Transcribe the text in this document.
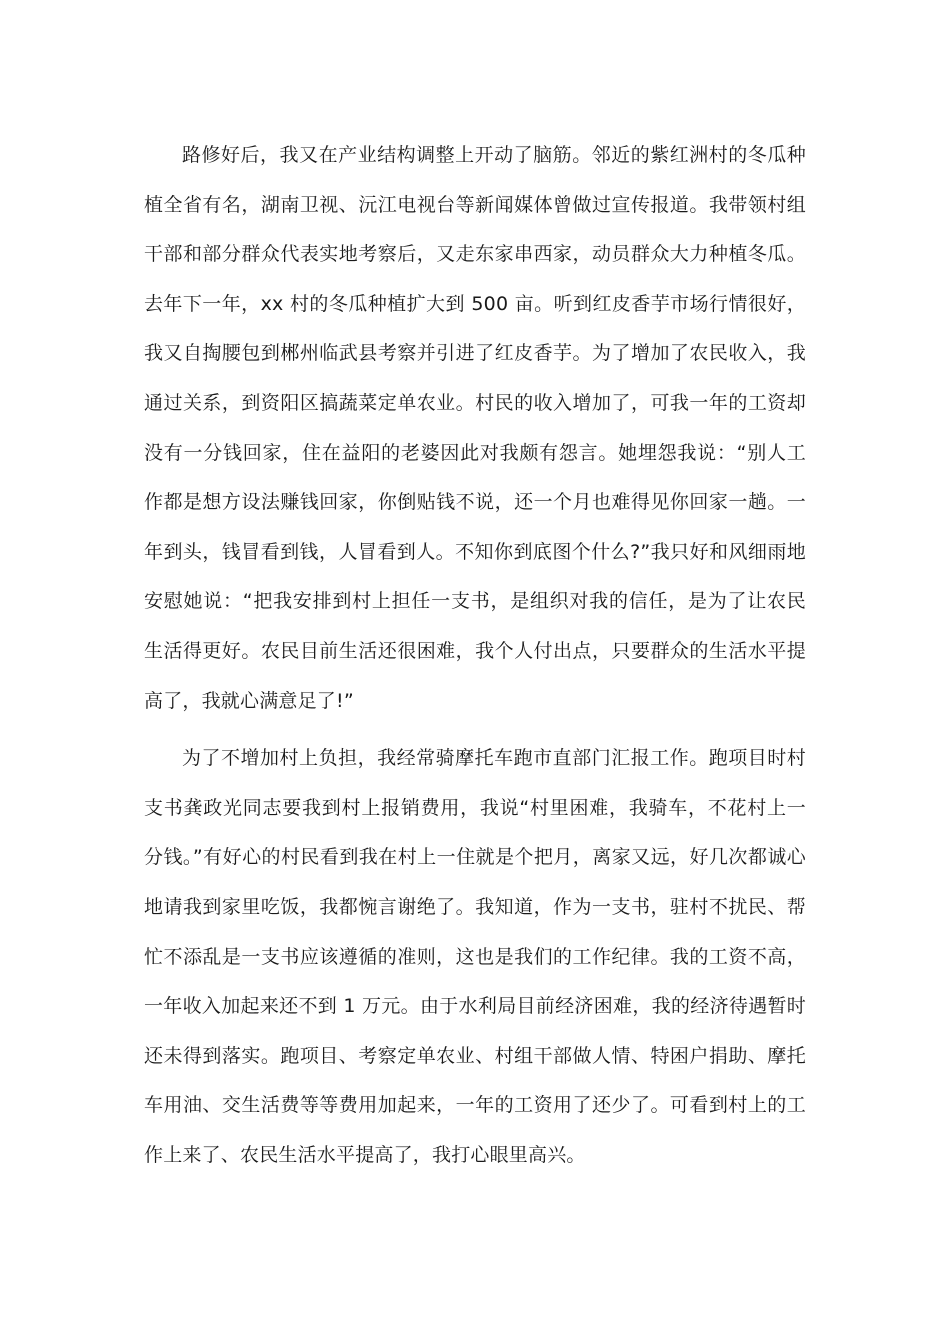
路修好后，我又在产业结构调整上开动了脑筋。邻近的紫红洲村的冬瓜种植全省有名，湖南卫视、沅江电视台等新闻媒体曾做过宣传报道。我带领村组干部和部分群众代表实地考察后，又走东家串西家，动员群众大力种植冬瓜。去年下一年，xx 村的冬瓜种植扩大到 500 亩。听到红皮香芋市场行情很好，我又自掏腰包到郴州临武县考察并引进了红皮香芋。为了增加了农民收入，我通过关系，到资阳区搞蔬菜定单农业。村民的收入增加了，可我一年的工资却没有一分钱回家，住在益阳的老婆因此对我颇有怨言。她埋怨我说：“别人工作都是想方设法赚钱回家，你倒贴钱不说，还一个月也难得见你回家一趟。一年到头，钱冒看到钱，人冒看到人。不知你到底图个什么?”我只好和风细雨地安慰她说：“把我安排到村上担任一支书，是组织对我的信任，是为了让农民生活得更好。农民目前生活还很困难，我个人付出点，只要群众的生活水平提高了，我就心满意足了!”

为了不增加村上负担，我经常骑摩托车跑市直部门汇报工作。跑项目时村支书龚政光同志要我到村上报销费用，我说“村里困难，我骑车，不花村上一分钱。”有好心的村民看到我在村上一住就是个把月，离家又远，好几次都诚心地请我到家里吃饭，我都惋言谢绝了。我知道，作为一支书，驻村不扰民、帮忙不添乱是一支书应该遵循的准则，这也是我们的工作纪律。我的工资不高，一年收入加起来还不到 1 万元。由于水利局目前经济困难，我的经济待遇暂时还未得到落实。跑项目、考察定单农业、村组干部做人情、特困户捐助、摩托车用油、交生活费等等费用加起来，一年的工资用了还少了。可看到村上的工作上来了、农民生活水平提高了，我打心眼里高兴。
